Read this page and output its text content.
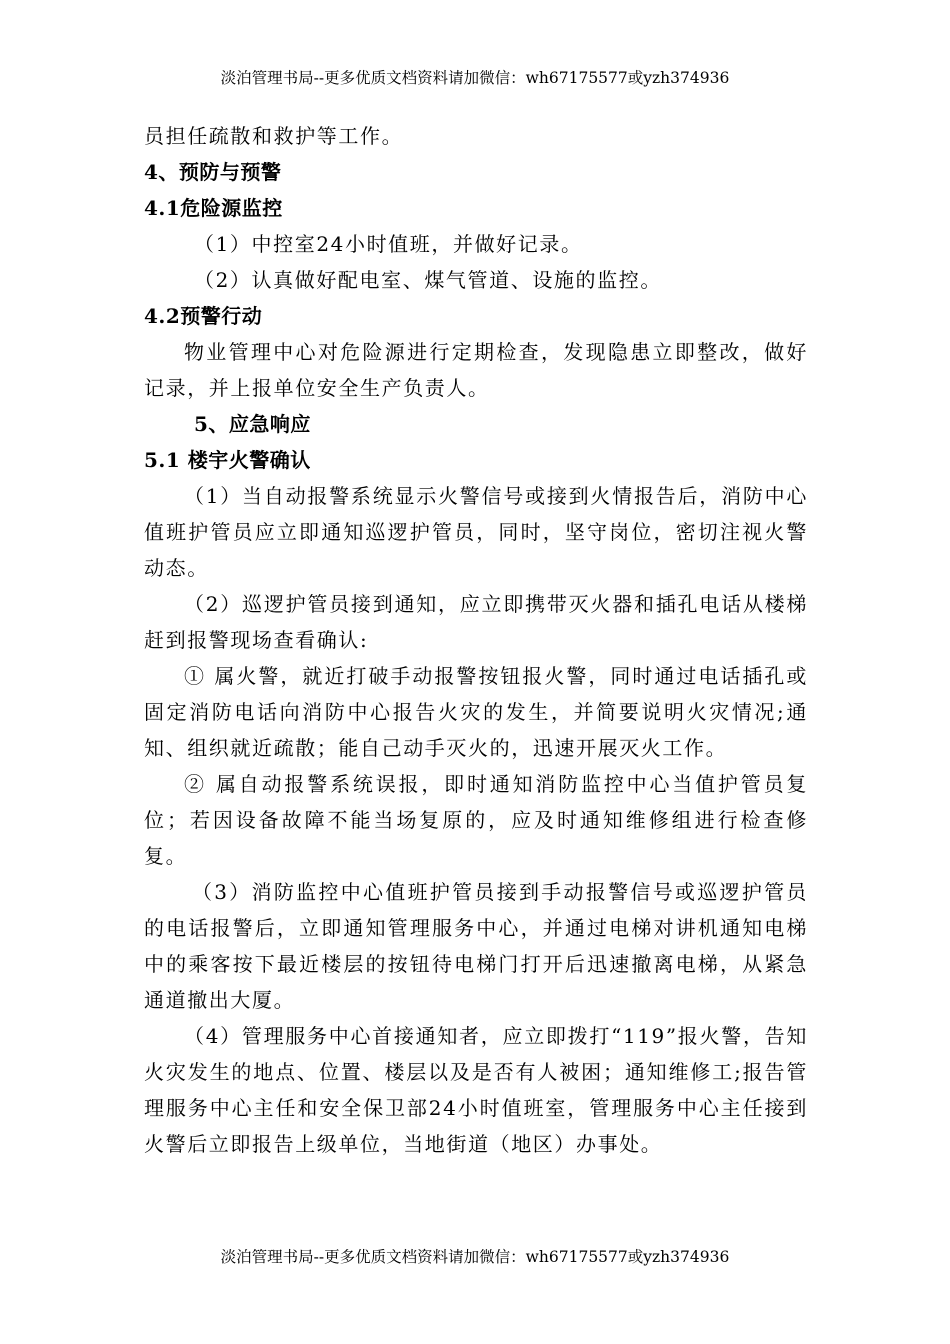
淡泊管理书局--更多优质文档资料请加微信：wh67175577或yzh374936

员担任疏散和救护等工作。

4、预防与预警

4.1危险源监控

（1）中控室24小时值班，并做好记录。

（2）认真做好配电室、煤气管道、设施的监控。

4.2预警行动

物业管理中心对危险源进行定期检查，发现隐患立即整改，做好记录，并上报单位安全生产负责人。

5、应急响应

5.1 楼宇火警确认

（1）当自动报警系统显示火警信号或接到火情报告后，消防中心值班护管员应立即通知巡逻护管员，同时，坚守岗位，密切注视火警动态。

（2）巡逻护管员接到通知，应立即携带灭火器和插孔电话从楼梯赶到报警现场查看确认:

① 属火警，就近打破手动报警按钮报火警，同时通过电话插孔或固定消防电话向消防中心报告火灾的发生，并简要说明火灾情况;通知、组织就近疏散；能自己动手灭火的，迅速开展灭火工作。

② 属自动报警系统误报，即时通知消防监控中心当值护管员复位；若因设备故障不能当场复原的，应及时通知维修组进行检查修复。

（3）消防监控中心值班护管员接到手动报警信号或巡逻护管员的电话报警后，立即通知管理服务中心，并通过电梯对讲机通知电梯中的乘客按下最近楼层的按钮待电梯门打开后迅速撤离电梯，从紧急通道撤出大厦。

（4）管理服务中心首接通知者，应立即拨打“119”报火警，告知火灾发生的地点、位置、楼层以及是否有人被困；通知维修工;报告管理服务中心主任和安全保卫部24小时值班室，管理服务中心主任接到火警后立即报告上级单位，当地街道（地区）办事处。

淡泊管理书局--更多优质文档资料请加微信：wh67175577或yzh374936
